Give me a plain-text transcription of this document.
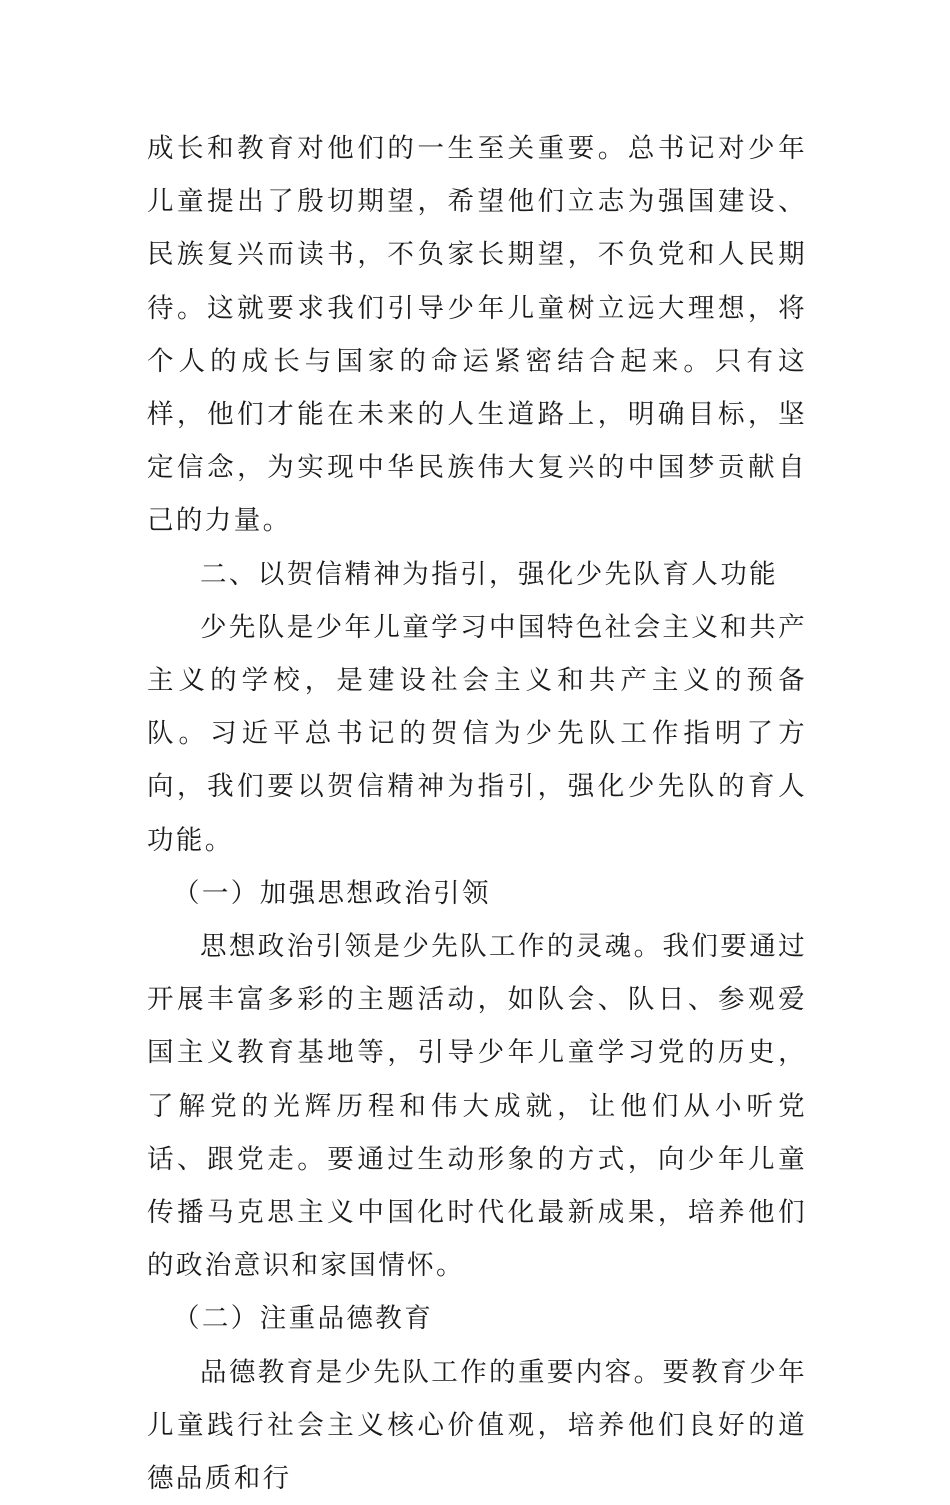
成长和教育对他们的一生至关重要。总书记对少年儿童提出了殷切期望，希望他们立志为强国建设、民族复兴而读书，不负家长期望，不负党和人民期待。这就要求我们引导少年儿童树立远大理想，将个人的成长与国家的命运紧密结合起来。只有这样，他们才能在未来的人生道路上，明确目标，坚定信念，为实现中华民族伟大复兴的中国梦贡献自己的力量。

二、以贺信精神为指引，强化少先队育人功能

少先队是少年儿童学习中国特色社会主义和共产主义的学校，是建设社会主义和共产主义的预备队。习近平总书记的贺信为少先队工作指明了方向，我们要以贺信精神为指引，强化少先队的育人功能。

（一）加强思想政治引领

思想政治引领是少先队工作的灵魂。我们要通过开展丰富多彩的主题活动，如队会、队日、参观爱国主义教育基地等，引导少年儿童学习党的历史，了解党的光辉历程和伟大成就，让他们从小听党话、跟党走。要通过生动形象的方式，向少年儿童传播马克思主义中国化时代化最新成果，培养他们的政治意识和家国情怀。

（二）注重品德教育

品德教育是少先队工作的重要内容。要教育少年儿童践行社会主义核心价值观，培养他们良好的道德品质和行
